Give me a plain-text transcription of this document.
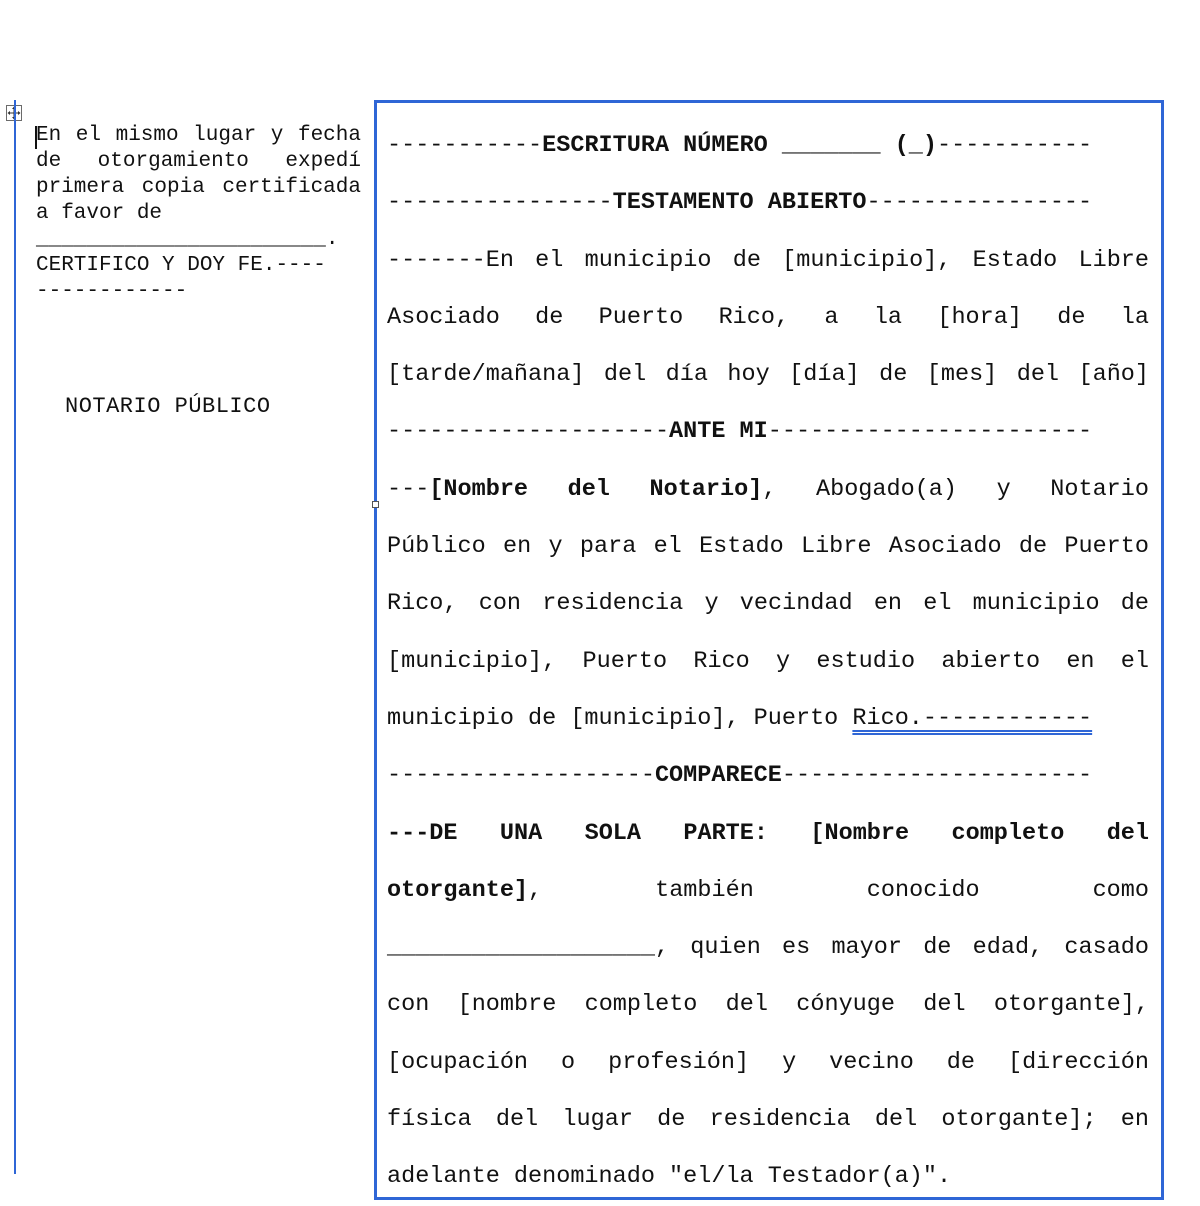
En el mismo lugar y fecha de otorgamiento expedí primera copia certificada a favor de

_______________________.
CERTIFICO Y DOY FE.----
------------
NOTARIO PÚBLICO
-----------ESCRITURA NÚMERO _______ (_)-----------
----------------TESTAMENTO ABIERTO----------------
-------En el municipio de [municipio], Estado Libre
Asociado de Puerto Rico, a la [hora] de la
[tarde/mañana] del día hoy [día] de [mes] del [año]
--------------------ANTE MI-----------------------
---[Nombre del Notario], Abogado(a) y Notario
Público en y para el Estado Libre Asociado de Puerto
Rico, con residencia y vecindad en el municipio de
[municipio], Puerto Rico y estudio abierto en el
municipio de [municipio], Puerto Rico.------------
-------------------COMPARECE----------------------
---DE UNA SOLA PARTE: [Nombre completo del
otorgante], también conocido como
___________________, quien es mayor de edad, casado
con [nombre completo del cónyuge del otorgante],
[ocupación o profesión] y vecino de [dirección
física del lugar de residencia del otorgante]; en
adelante denominado "el/la Testador(a)".
